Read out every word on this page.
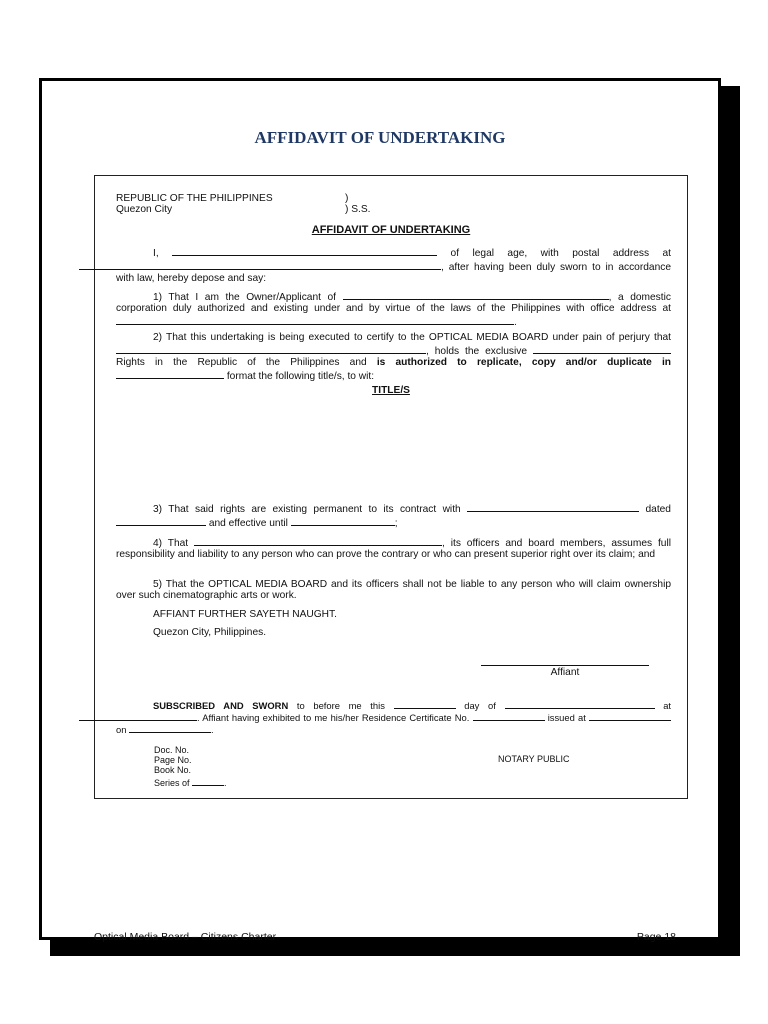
AFFIDAVIT OF UNDERTAKING
REPUBLIC OF THE PHILIPPINES	)
Quezon City	) S.S.
AFFIDAVIT OF UNDERTAKING
I,	of legal age, with postal address at , after having been duly sworn to in accordance with law, hereby depose and say:
1) That I am the Owner/Applicant of	, a domestic corporation duly authorized and existing under and by virtue of the laws of the Philippines with office address at .
2) That this undertaking is being executed to certify to the OPTICAL MEDIA BOARD under pain of perjury that , holds the exclusive  Rights in the Republic of the Philippines and is authorized to replicate, copy and/or duplicate in  format the following title/s, to wit:
TITLE/S
3) That said rights are existing permanent to its contract with	dated  and effective until	;
4) That	, its officers and board members, assumes full responsibility and liability to any person who can prove the contrary or who can present superior right over its claim; and
5) That the OPTICAL MEDIA BOARD and its officers shall not be liable to any person who will claim ownership over such cinematographic arts or work.
AFFIANT FURTHER SAYETH NAUGHT.
Quezon City, Philippines.
Affiant
SUBSCRIBED AND SWORN to before me this	day of	at . Affiant having exhibited to me his/her Residence Certificate No.	issued at  on	.
Doc. No.
Page No.
Book No.
Series of	.
NOTARY PUBLIC
Optical Media Board – Citizens Charter	Page 18
